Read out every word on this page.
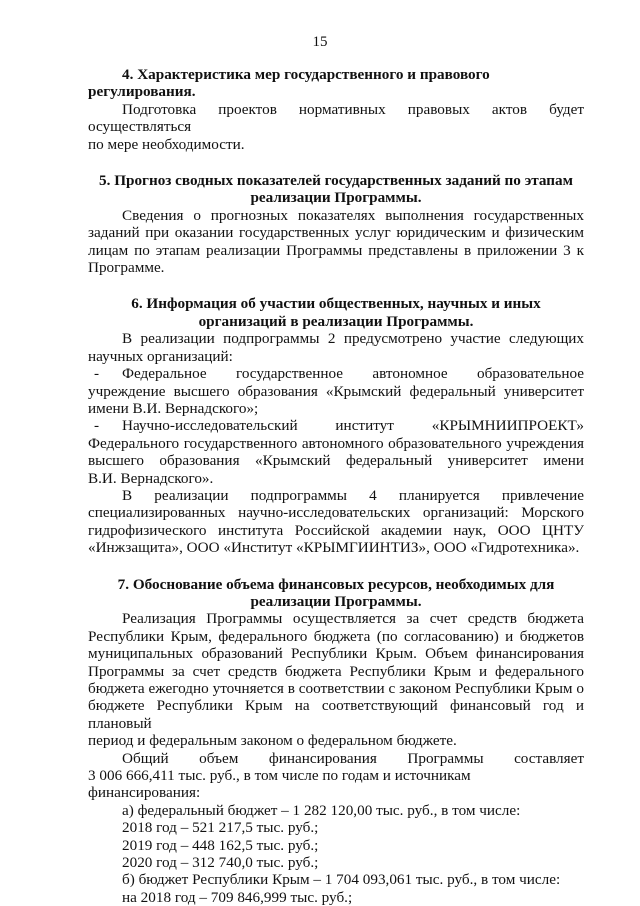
15

4. Характеристика мер государственного и правового регулирования.

Подготовка проектов нормативных правовых актов будет осуществляться

по мере необходимости.

5. Прогноз сводных показателей государственных заданий по этапам

реализации Программы.

Сведения о прогнозных показателях выполнения государственных

заданий при оказании государственных услуг юридическим и физическим

лицам по этапам реализации Программы представлены в приложении 3 к

Программе.

6. Информация об участии общественных, научных и иных

организаций в реализации Программы.

В реализации подпрограммы 2 предусмотрено участие следующих

научных организаций:

-	Федеральное государственное автономное образовательное

учреждение высшего образования «Крымский федеральный университет

имени В.И. Вернадского»;

-	Научно-исследовательский институт «КРЫМНИИПРОЕКТ»

Федерального государственного автономного образовательного учреждения

высшего образования «Крымский федеральный университет имени

В.И. Вернадского».

В реализации подпрограммы 4 планируется привлечение

специализированных научно-исследовательских организаций: Морского

гидрофизического института Российской академии наук, ООО ЦНТУ

«Инжзащита», ООО «Институт «КРЫМГИИНТИЗ», ООО «Гидротехника».

7. Обоснование объема финансовых ресурсов, необходимых для

реализации Программы.

Реализация Программы осуществляется за счет средств бюджета

Республики Крым, федерального бюджета (по согласованию) и бюджетов

муниципальных образований Республики Крым. Объем финансирования

Программы за счет средств бюджета Республики Крым и федерального

бюджета ежегодно уточняется в соответствии с законом Республики Крым о

бюджете Республики Крым на соответствующий финансовый год и плановый

период и федеральным законом о федеральном бюджете.

Общий объем финансирования Программы составляет

3 006 666,411 тыс. руб., в том числе по годам и источникам финансирования:

а) федеральный бюджет – 1 282 120,00 тыс. руб., в том числе:

2018 год – 521 217,5 тыс. руб.;

2019 год – 448 162,5 тыс. руб.;

2020 год – 312 740,0 тыс. руб.;

б) бюджет Республики Крым – 1 704 093,061 тыс. руб., в том числе:

на 2018 год – 709 846,999 тыс. руб.;
